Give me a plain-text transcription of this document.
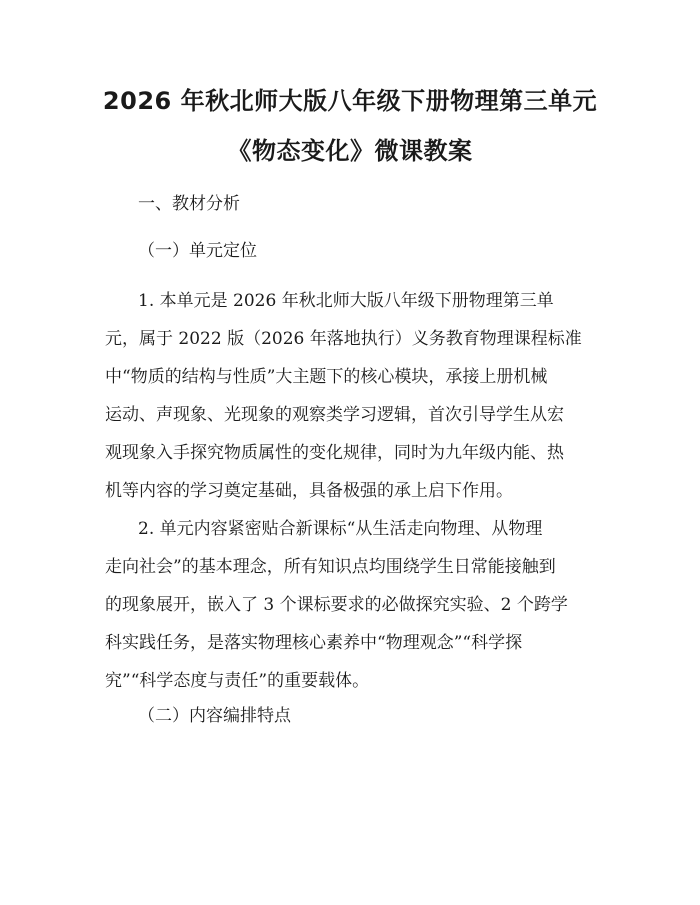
2026 年秋北师大版八年级下册物理第三单元
《物态变化》微课教案
一、教材分析
（一）单元定位
1. 本单元是 2026 年秋北师大版八年级下册物理第三单
元，属于 2022 版（2026 年落地执行）义务教育物理课程标准
中“物质的结构与性质”大主题下的核心模块，承接上册机械
运动、声现象、光现象的观察类学习逻辑，首次引导学生从宏
观现象入手探究物质属性的变化规律，同时为九年级内能、热
机等内容的学习奠定基础，具备极强的承上启下作用。
2. 单元内容紧密贴合新课标“从生活走向物理、从物理
走向社会”的基本理念，所有知识点均围绕学生日常能接触到
的现象展开，嵌入了 3 个课标要求的必做探究实验、2 个跨学
科实践任务，是落实物理核心素养中“物理观念”“科学探
究”“科学态度与责任”的重要载体。
（二）内容编排特点
